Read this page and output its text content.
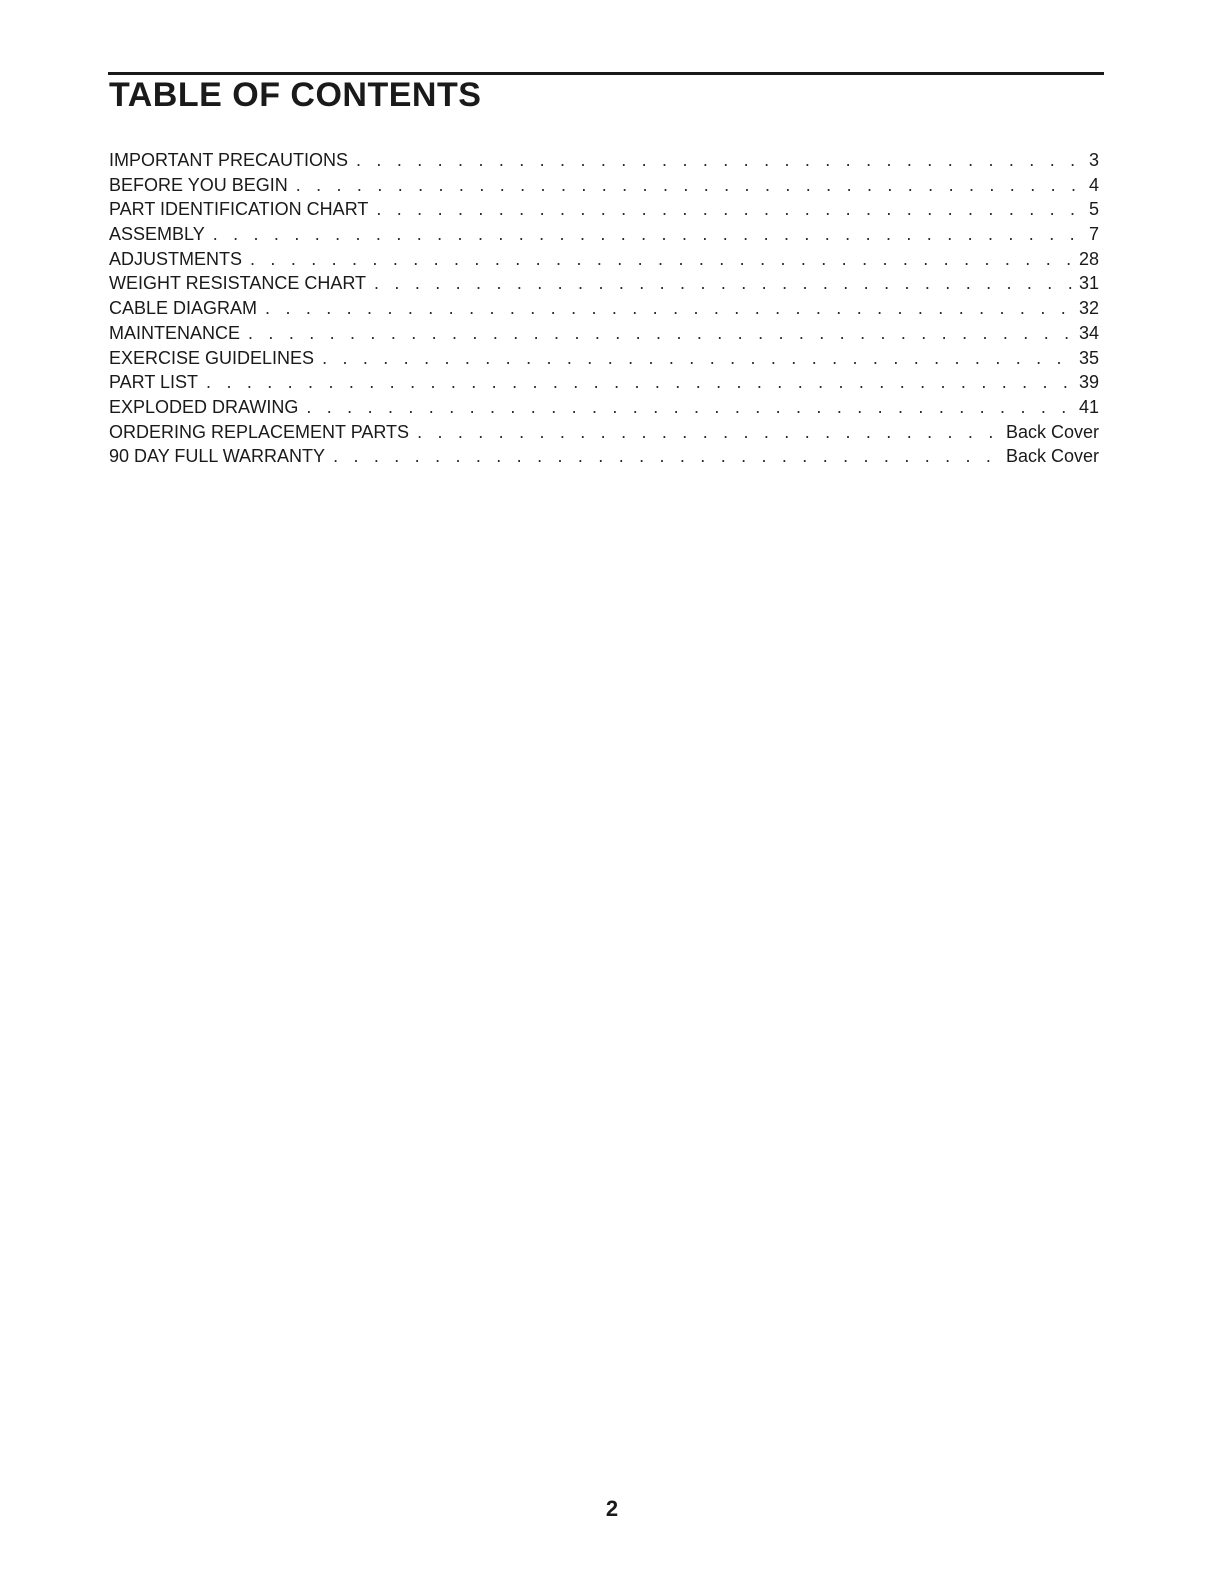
TABLE OF CONTENTS
IMPORTANT PRECAUTIONS . . .	3
BEFORE YOU BEGIN . . .	4
PART IDENTIFICATION CHART . . .	5
ASSEMBLY . . .	7
ADJUSTMENTS . . .	28
WEIGHT RESISTANCE CHART . . .	31
CABLE DIAGRAM . . .	32
MAINTENANCE . . .	34
EXERCISE GUIDELINES . . .	35
PART LIST . . .	39
EXPLODED DRAWING . . .	41
ORDERING REPLACEMENT PARTS . . .	Back Cover
90 DAY FULL WARRANTY . . .	Back Cover
2
